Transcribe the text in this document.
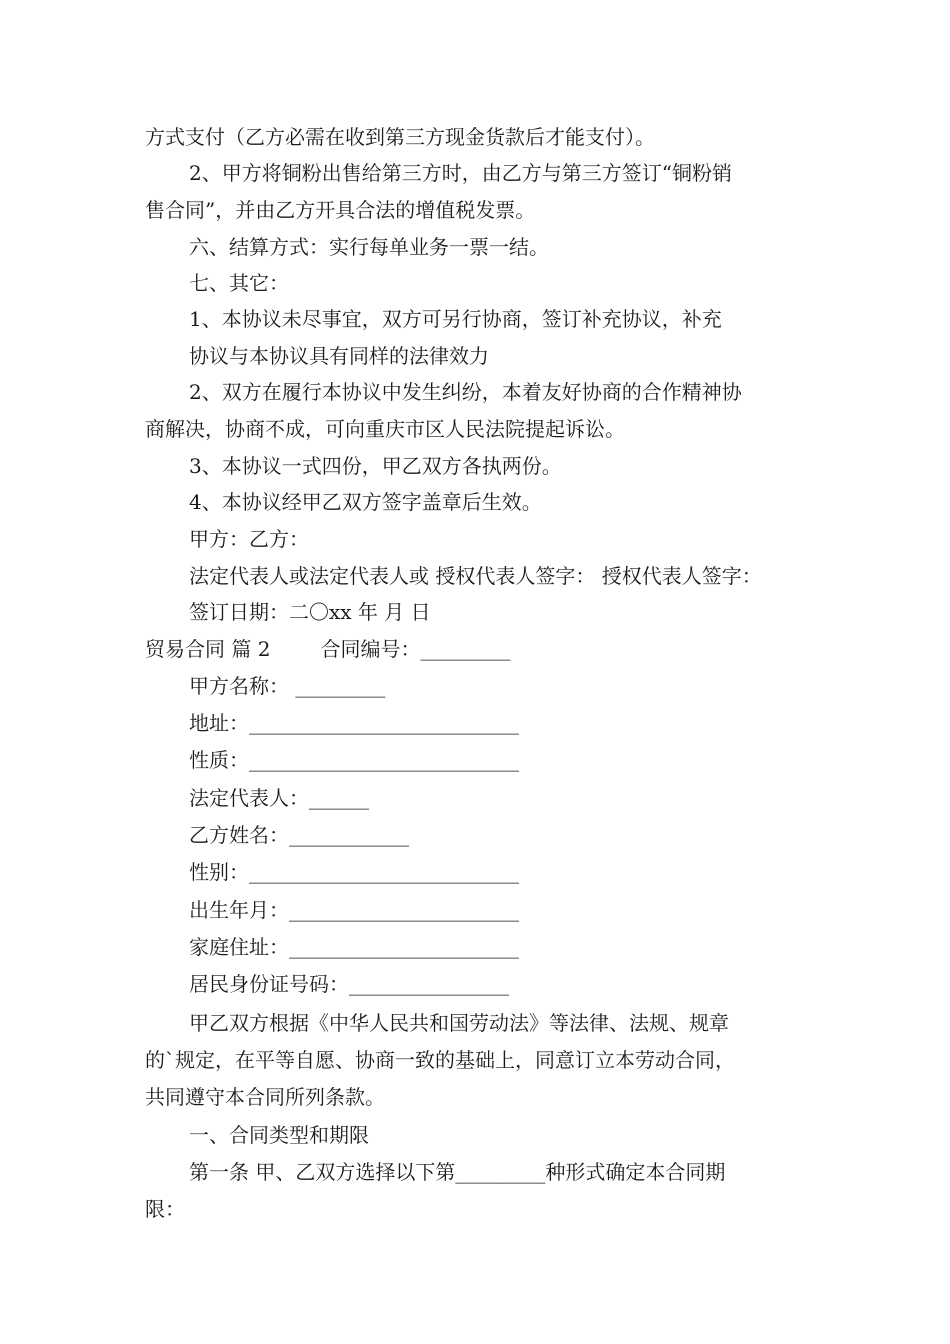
方式支付（乙方必需在收到第三方现金货款后才能支付）。
2、甲方将铜粉出售给第三方时，由乙方与第三方签订“铜粉销
售合同”，并由乙方开具合法的增值税发票。
六、结算方式：实行每单业务一票一结。
七、其它：
1、本协议未尽事宜，双方可另行协商，签订补充协议，补充
协议与本协议具有同样的法律效力
2、双方在履行本协议中发生纠纷，本着友好协商的合作精神协
商解决，协商不成，可向重庆市区人民法院提起诉讼。
3、本协议一式四份，甲乙双方各执两份。
4、本协议经甲乙双方签字盖章后生效。
甲方：乙方：
法定代表人或法定代表人或 授权代表人签字： 授权代表人签字：
签订日期：二〇xx 年 月 日
贸易合同 篇 2	合同编号：_________
甲方名称： _________
地址：___________________________
性质：___________________________
法定代表人：______
乙方姓名：____________
性别：___________________________
出生年月：_______________________
家庭住址：_______________________
居民身份证号码：________________
甲乙双方根据《中华人民共和国劳动法》等法律、法规、规章
的`规定，在平等自愿、协商一致的基础上，同意订立本劳动合同，
共同遵守本合同所列条款。
一、合同类型和期限
第一条 甲、乙双方选择以下第_________种形式确定本合同期
限：
